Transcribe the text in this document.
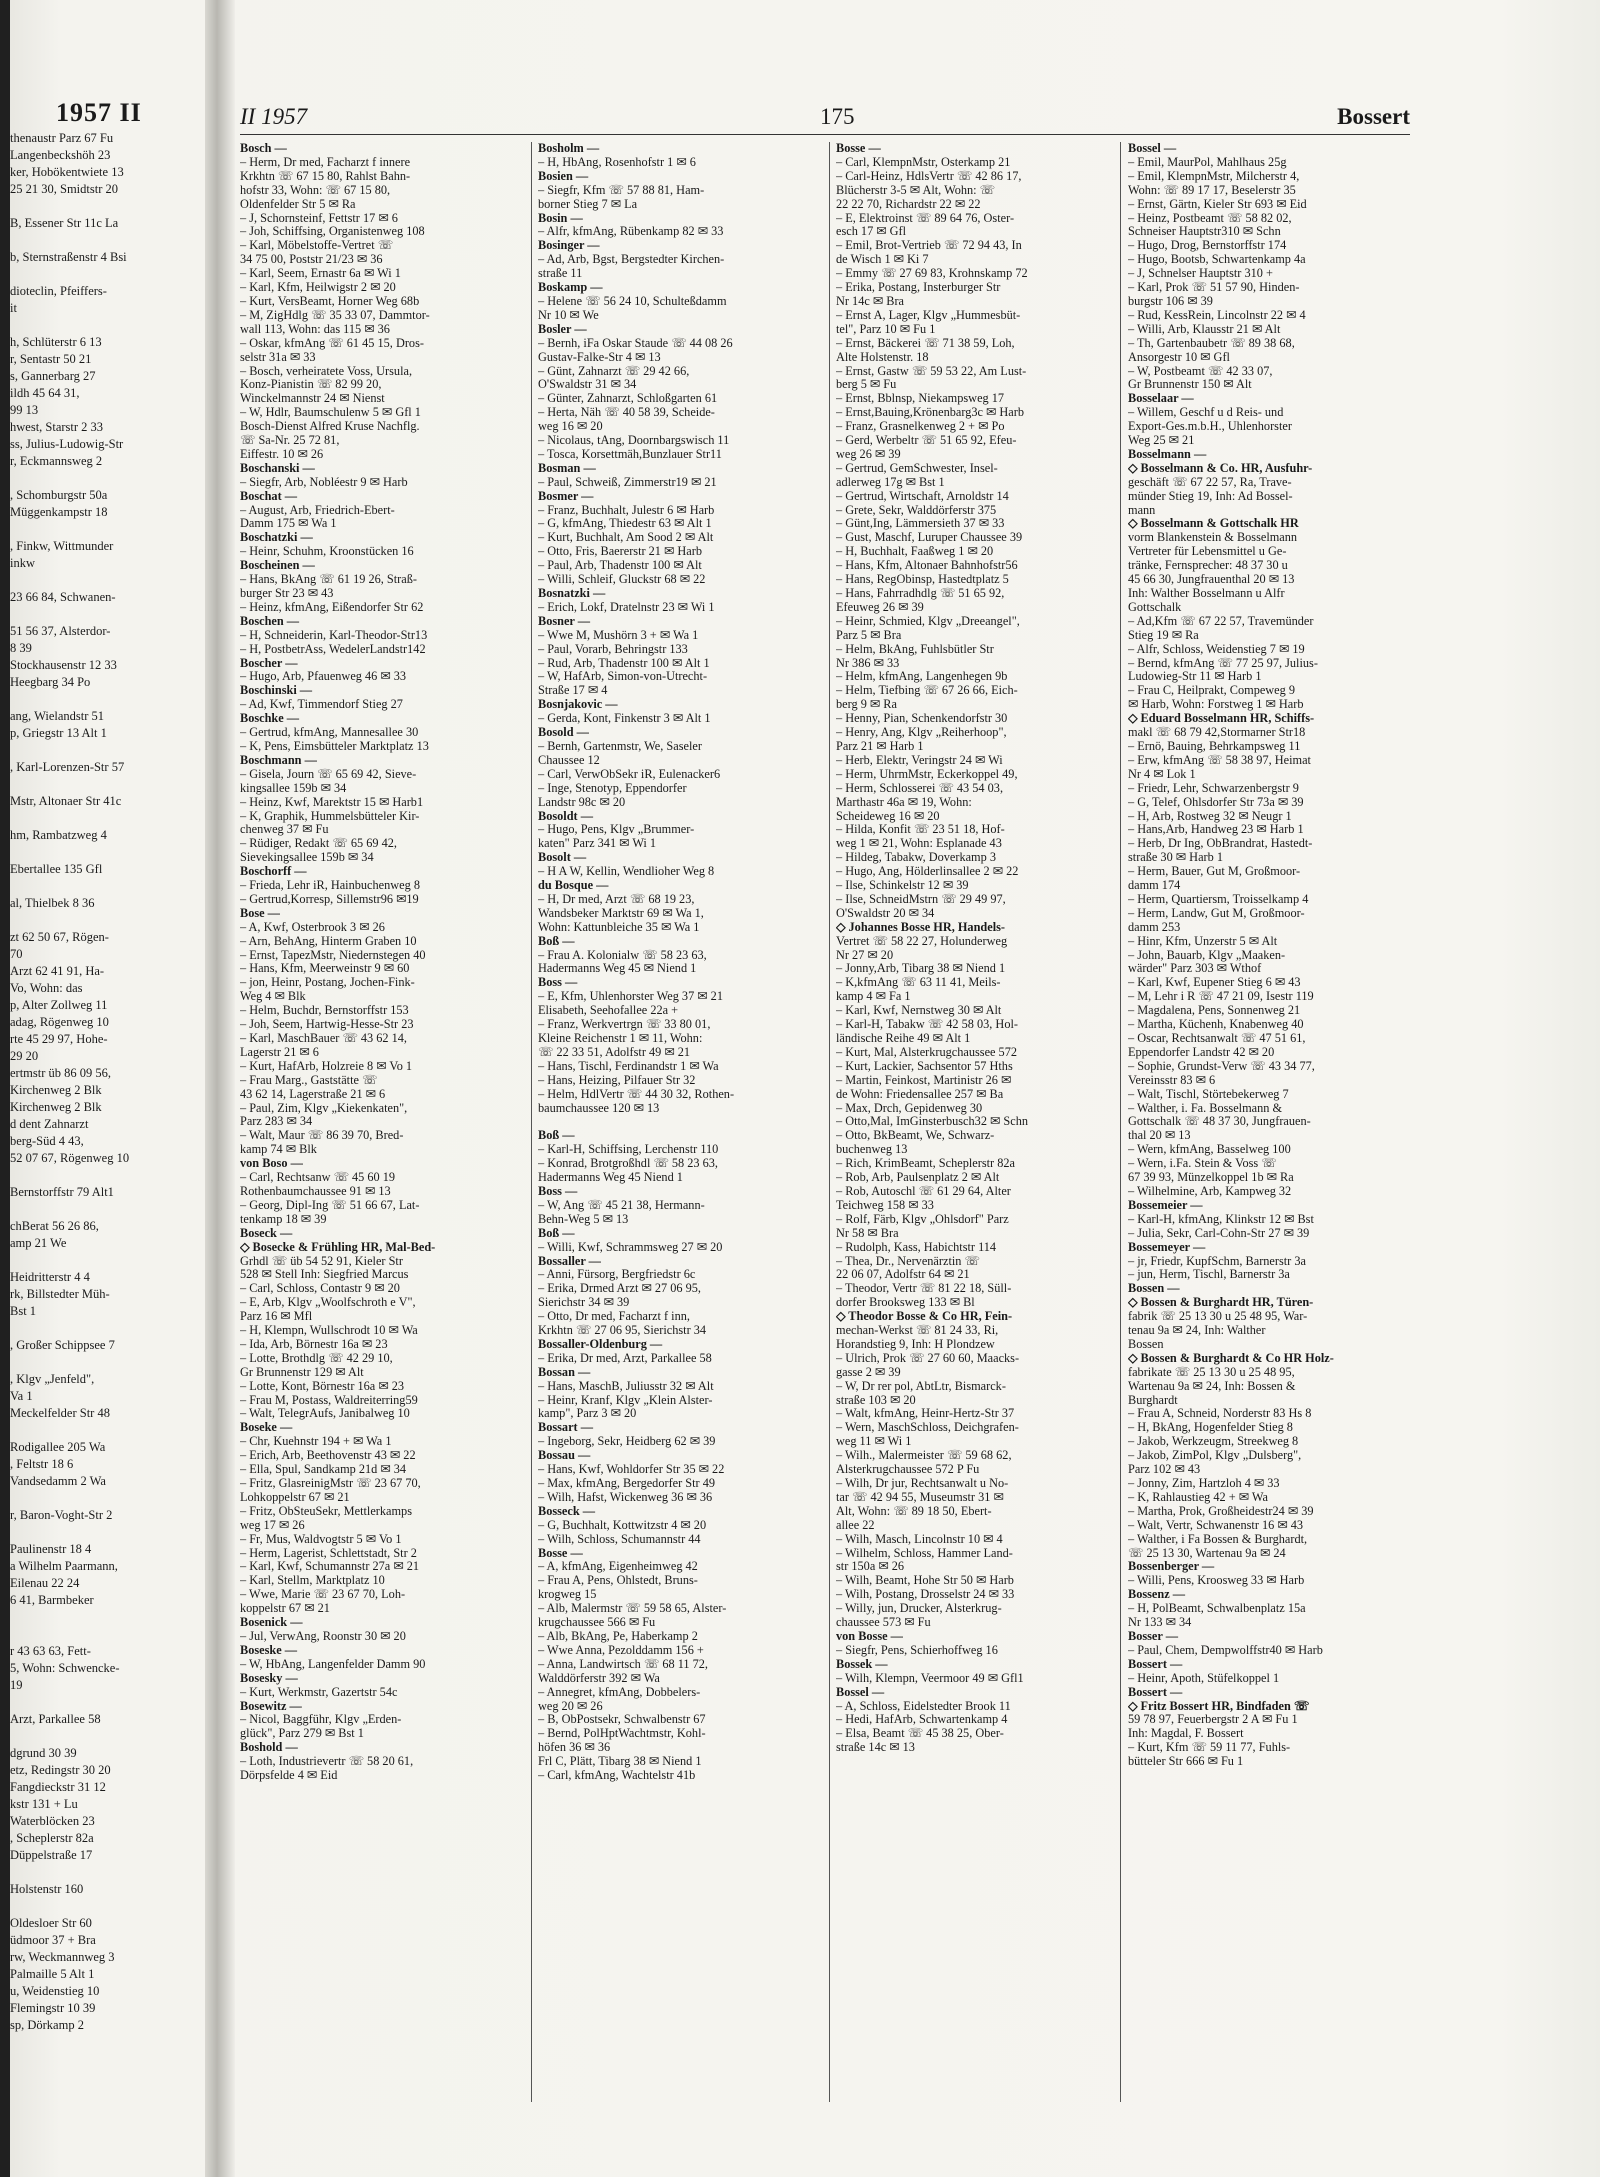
1957 II
thenaustr Parz 67 Fu
Langenbeckshöh 23
ker, Hobökentwiete 13
25 21 30, Smidtstr 20

B, Essener Str 11c La

b, Sternstraßenstr 4 Bsi

dioteclin, Pfeiffers-
it

h, Schlüterstr 6 13
r, Sentastr 50 21
s, Gannerbarg 27
ildh 45 64 31,
99 13
hwest, Starstr 2 33
ss, Julius-Ludowig-Str
r, Eckmannsweg 2

, Schomburgstr 50a
Müggenkampstr 18

, Finkw, Wittmunder
inkw

23 66 84, Schwanen-

51 56 37, Alsterdor-
8 39
Stockhausenstr 12 33
Heegbarg 34 Po

ang, Wielandstr 51
p, Griegstr 13 Alt 1

, Karl-Lorenzen-Str 57

Mstr, Altonaer Str 41c

hm, Rambatzweg 4

Ebertallee 135 Gfl

al, Thielbek 8 36

zt 62 50 67, Rögen-
70
Arzt 62 41 91, Ha-
Vo, Wohn: das
p, Alter Zollweg 11
adag, Rögenweg 10
rte 45 29 97, Hohe-
29 20
ertmstr üb 86 09 56,
Kirchenweg 2 Blk
Kirchenweg 2 Blk
d dent Zahnarzt
berg-Süd 4 43,
52 07 67, Rögenweg 10

Bernstorffstr 79 Alt1

chBerat 56 26 86,
amp 21 We

Heidritterstr 4 4
rk, Billstedter Müh-
Bst 1

, Großer Schippsee 7

, Klgv „Jenfeld",
Va 1
Meckelfelder Str 48

Rodigallee 205 Wa
, Feltstr 18 6
Vandsedamm 2 Wa

r, Baron-Voght-Str 2

Paulinenstr 18 4
a Wilhelm Paarmann,
Eilenau 22 24
6 41, Barmbeker

r 43 63 63, Fett-
5, Wohn: Schwencke-
19

Arzt, Parkallee 58

dgrund 30 39
etz, Redingstr 30 20
Fangdieckstr 31 12
kstr 131 + Lu
Waterblöcken 23
, Scheplerstr 82a
Düppelstraße 17

Holstenstr 160

Oldesloer Str 60
üdmoor 37 + Bra
rw, Weckmannweg 3
Palmaille 5 Alt 1
u, Weidenstieg 10
Flemingstr 10 39
sp, Dörkamp 2
II 1957	175	Bossert
Bosch —
– Herm, Dr med, Facharzt f innere
Krkhtn ☏ 67 15 80, Rahlst Bahn-
hofstr 33, Wohn: ☏ 67 15 80,
Oldenfelder Str 5 ✉ Ra
– J, Schornsteinf, Fettstr 17 ✉ 6
– Joh, Schiffsing, Organistenweg 108
– Karl, Möbelstoffe-Vertret ☏
34 75 00, Poststr 21/23 ✉ 36
– Karl, Seem, Ernastr 6a ✉ Wi 1
– Karl, Kfm, Heilwigstr 2 ✉ 20
– Kurt, VersBeamt, Horner Weg 68b
– M, ZigHdlg ☏ 35 33 07, Dammtor-
wall 113, Wohn: das 115 ✉ 36
– Oskar, kfmAng ☏ 61 45 15, Dros-
selstr 31a ✉ 33
– Bosch, verheiratete Voss, Ursula,
Konz-Pianistin ☏ 82 99 20,
Winckelmannstr 24 ✉ Nienst
– W, Hdlr, Baumschulenw 5 ✉ Gfl 1
Bosch-Dienst Alfred Kruse Nachflg.
☏ Sa-Nr. 25 72 81,
Eiffestr. 10 ✉ 26
Boschanski —
– Siegfr, Arb, Nobléestr 9 ✉ Harb
Boschat —
– August, Arb, Friedrich-Ebert-
Damm 175 ✉ Wa 1
Boschatzki —
– Heinr, Schuhm, Kroonstücken 16
Boscheinen —
– Hans, BkAng ☏ 61 19 26, Straß-
burger Str 23 ✉ 43
– Heinz, kfmAng, Eißendorfer Str 62
Boschen —
– H, Schneiderin, Karl-Theodor-Str13
– H, PostbetrAss, WedelerLandstr142
Boscher —
– Hugo, Arb, Pfauenweg 46 ✉ 33
Boschinski —
– Ad, Kwf, Timmendorf Stieg 27
Boschke —
– Gertrud, kfmAng, Mannesallee 30
– K, Pens, Eimsbütteler Marktplatz 13
Boschmann —
– Gisela, Journ ☏ 65 69 42, Sieve-
kingsallee 159b ✉ 34
– Heinz, Kwf, Marektstr 15 ✉ Harb1
– K, Graphik, Hummelsbütteler Kir-
chenweg 37 ✉ Fu
– Rüdiger, Redakt ☏ 65 69 42,
Sievekingsallee 159b ✉ 34
Boschorff —
– Frieda, Lehr iR, Hainbuchenweg 8
– Gertrud,Korresp, Sillemstr96 ✉19
Bose —
– A, Kwf, Osterbrook 3 ✉ 26
– Arn, BehAng, Hinterm Graben 10
– Ernst, TapezMstr, Niedernstegen 40
– Hans, Kfm, Meerweinstr 9 ✉ 60
– jon, Heinr, Postang, Jochen-Fink-
Weg 4 ✉ Blk
– Helm, Buchdr, Bernstorffstr 153
– Joh, Seem, Hartwig-Hesse-Str 23
– Karl, MaschBauer ☏ 43 62 14,
Lagerstr 21 ✉ 6
– Kurt, HafArb, Holzreie 8 ✉ Vo 1
– Frau Marg., Gaststätte ☏
43 62 14, Lagerstraße 21 ✉ 6
– Paul, Zim, Klgv „Kiekenkaten",
Parz 283 ✉ 34
– Walt, Maur ☏ 86 39 70, Bred-
kamp 74 ✉ Blk
von Boso —
– Carl, Rechtsanw ☏ 45 60 19
Rothenbaumchaussee 91 ✉ 13
– Georg, Dipl-Ing ☏ 51 66 67, Lat-
tenkamp 18 ✉ 39
Boseck —
◇ Bosecke & Frühling HR, Mal-Bed-
Grhdl ☏ üb 54 52 91, Kieler Str
528 ✉ Stell Inh: Siegfried Marcus
– Carl, Schloss, Contastr 9 ✉ 20
– E, Arb, Klgv „Woolfschroth e V",
Parz 16 ✉ Mfl
– H, Klempn, Wullschrodt 10 ✉ Wa
– Ida, Arb, Börnestr 16a ✉ 23
– Lotte, Brothdlg ☏ 42 29 10,
Gr Brunnenstr 129 ✉ Alt
– Lotte, Kont, Börnestr 16a ✉ 23
– Frau M, Postass, Waldreiterring59
– Walt, TelegrAufs, Janibalweg 10
Boseke —
– Chr, Kuehnstr 194 + ✉ Wa 1
– Erich, Arb, Beethovenstr 43 ✉ 22
– Ella, Spul, Sandkamp 21d ✉ 34
– Fritz, GlasreinigMstr ☏ 23 67 70,
Lohkoppelstr 67 ✉ 21
– Fritz, ObSteuSekr, Mettlerkamps
weg 17 ✉ 26
– Fr, Mus, Waldvogtstr 5 ✉ Vo 1
– Herm, Lagerist, Schlettstadt, Str 2
– Karl, Kwf, Schumannstr 27a ✉ 21
– Karl, Stellm, Marktplatz 10
– Wwe, Marie ☏ 23 67 70, Loh-
koppelstr 67 ✉ 21
Bosenick —
– Jul, VerwAng, Roonstr 30 ✉ 20
Boseske —
– W, HbAng, Langenfelder Damm 90
Bosesky —
– Kurt, Werkmstr, Gazertstr 54c
Bosewitz —
– Nicol, Baggführ, Klgv „Erden-
glück", Parz 279 ✉ Bst 1
Boshold —
– Loth, Industrievertr ☏ 58 20 61,
Dörpsfelde 4 ✉ Eid
Bosholm —
– H, HbAng, Rosenhofstr 1 ✉ 6
Bosien —
– Siegfr, Kfm ☏ 57 88 81, Ham-
borner Stieg 7 ✉ La
Bosin —
– Alfr, kfmAng, Rübenkamp 82 ✉ 33
Bosinger —
– Ad, Arb, Bgst, Bergstedter Kirchen-
straße 11
Boskamp —
– Helene ☏ 56 24 10, Schulteßdamm
Nr 10 ✉ We
Bosler —
– Bernh, iFa Oskar Staude ☏ 44 08 26
Gustav-Falke-Str 4 ✉ 13
– Günt, Zahnarzt ☏ 29 42 66,
O'Swaldstr 31 ✉ 34
– Günter, Zahnarzt, Schloßgarten 61
– Herta, Näh ☏ 40 58 39, Scheide-
weg 16 ✉ 20
– Nicolaus, tAng, Doornbargswisch 11
– Tosca, Korsettmäh,Bunzlauer Str11
Bosman —
– Paul, Schweiß, Zimmerstr19 ✉ 21
Bosmer —
– Franz, Buchhalt, Julestr 6 ✉ Harb
– G, kfmAng, Thiedestr 63 ✉ Alt 1
– Kurt, Buchhalt, Am Sood 2 ✉ Alt
– Otto, Fris, Baererstr 21 ✉ Harb
– Paul, Arb, Thadenstr 100 ✉ Alt
– Willi, Schleif, Gluckstr 68 ✉ 22
Bosnatzki —
– Erich, Lokf, Dratelnstr 23 ✉ Wi 1
Bosner —
– Wwe M, Mushörn 3 + ✉ Wa 1
– Paul, Vorarb, Behringstr 133
– Rud, Arb, Thadenstr 100 ✉ Alt 1
– W, HafArb, Simon-von-Utrecht-
Straße 17 ✉ 4
Bosnjakovic —
– Gerda, Kont, Finkenstr 3 ✉ Alt 1
Bosold —
– Bernh, Gartenmstr, We, Saseler
Chaussee 12
– Carl, VerwObSekr iR, Eulenacker6
– Inge, Stenotyp, Eppendorfer
Landstr 98c ✉ 20
Bosoldt —
– Hugo, Pens, Klgv „Brummer-
katen" Parz 341 ✉ Wi 1
Bosolt —
– H A W, Kellin, Wendlioher Weg 8
du Bosque —
– H, Dr med, Arzt ☏ 68 19 23,
Wandsbeker Marktstr 69 ✉ Wa 1,
Wohn: Kattunbleiche 35 ✉ Wa 1
Boß —
– Frau A. Kolonialw ☏ 58 23 63,
Hadermanns Weg 45 ✉ Niend 1
Boss —
– E, Kfm, Uhlenhorster Weg 37 ✉ 21
Elisabeth, Seehofallee 22a +
– Franz, Werkvertrgn ☏ 33 80 01,
Kleine Reichenstr 1 ✉ 11, Wohn:
☏ 22 33 51, Adolfstr 49 ✉ 21
– Hans, Tischl, Ferdinandstr 1 ✉ Wa
– Hans, Heizing, Pilfauer Str 32
– Helm, HdlVertr ☏ 44 30 32, Rothen-
baumchaussee 120 ✉ 13

Boß —
– Karl-H, Schiffsing, Lerchenstr 110
– Konrad, Brotgroßhdl ☏ 58 23 63,
Hadermanns Weg 45 Niend 1
Boss —
– W, Ang ☏ 45 21 38, Hermann-
Behn-Weg 5 ✉ 13
Boß —
– Willi, Kwf, Schrammsweg 27 ✉ 20
Bossaller —
– Anni, Fürsorg, Bergfriedstr 6c
– Erika, Drmed Arzt ✉ 27 06 95,
Sierichstr 34 ✉ 39
– Otto, Dr med, Facharzt f inn,
Krkhtn ☏ 27 06 95, Sierichstr 34
Bossaller-Oldenburg —
– Erika, Dr med, Arzt, Parkallee 58
Bossan —
– Hans, MaschB, Juliusstr 32 ✉ Alt
– Heinr, Kranf, Klgv „Klein Alster-
kamp", Parz 3 ✉ 20
Bossart —
– Ingeborg, Sekr, Heidberg 62 ✉ 39
Bossau —
– Hans, Kwf, Wohldorfer Str 35 ✉ 22
– Max, kfmAng, Bergedorfer Str 49
– Wilh, Hafst, Wickenweg 36 ✉ 36
Bosseck —
– G, Buchhalt, Kottwitzstr 4 ✉ 20
– Wilh, Schloss, Schumannstr 44
Bosse —
– A, kfmAng, Eigenheimweg 42
– Frau A, Pens, Ohlstedt, Bruns-
krogweg 15
– Alb, Malermstr ☏ 59 58 65, Alster-
krugchaussee 566 ✉ Fu
– Alb, BkAng, Pe, Haberkamp 2
– Wwe Anna, Pezolddamm 156 +
– Anna, Landwirtsch ☏ 68 11 72,
Walddörferstr 392 ✉ Wa
– Annegret, kfmAng, Dobbelers-
weg 20 ✉ 26
– B, ObPostsekr, Schwalbenstr 67
– Bernd, PolHptWachtmstr, Kohl-
höfen 36 ✉ 36
Frl C, Plätt, Tibarg 38 ✉ Niend 1
– Carl, kfmAng, Wachtelstr 41b
Bosse —
– Carl, KlempnMstr, Osterkamp 21
– Carl-Heinz, HdlsVertr ☏ 42 86 17,
Blücherstr 3-5 ✉ Alt, Wohn: ☏
22 22 70, Richardstr 22 ✉ 22
– E, Elektroinst ☏ 89 64 76, Oster-
esch 17 ✉ Gfl
– Emil, Brot-Vertrieb ☏ 72 94 43, In
de Wisch 1 ✉ Ki 7
– Emmy ☏ 27 69 83, Krohnskamp 72
– Erika, Postang, Insterburger Str
Nr 14c ✉ Bra
– Ernst A, Lager, Klgv „Hummesbüt-
tel", Parz 10 ✉ Fu 1
– Ernst, Bäckerei ☏ 71 38 59, Loh,
Alte Holstenstr. 18
– Ernst, Gastw ☏ 59 53 22, Am Lust-
berg 5 ✉ Fu
– Ernst, Bblnsp, Niekampsweg 17
– Ernst,Bauing,Krönenbarg3c ✉ Harb
– Franz, Grasnelkenweg 2 + ✉ Po
– Gerd, Werbeltr ☏ 51 65 92, Efeu-
weg 26 ✉ 39
– Gertrud, GemSchwester, Insel-
adlerweg 17g ✉ Bst 1
– Gertrud, Wirtschaft, Arnoldstr 14
– Grete, Sekr, Walddörferstr 375
– Günt,Ing, Lämmersieth 37 ✉ 33
– Gust, Maschf, Luruper Chaussee 39
– H, Buchhalt, Faaßweg 1 ✉ 20
– Hans, Kfm, Altonaer Bahnhofstr56
– Hans, RegObinsp, Hastedtplatz 5
– Hans, Fahrradhdlg ☏ 51 65 92,
Efeuweg 26 ✉ 39
– Heinr, Schmied, Klgv „Dreeangel",
Parz 5 ✉ Bra
– Helm, BkAng, Fuhlsbütler Str
Nr 386 ✉ 33
– Helm, kfmAng, Langenhegen 9b
– Helm, Tiefbing ☏ 67 26 66, Eich-
berg 9 ✉ Ra
– Henny, Pian, Schenkendorfstr 30
– Henry, Ang, Klgv „Reiherhoop",
Parz 21 ✉ Harb 1
– Herb, Elektr, Veringstr 24 ✉ Wi
– Herm, UhrmMstr, Eckerkoppel 49,
– Herm, Schlosserei ☏ 43 54 03,
Marthastr 46a ✉ 19, Wohn:
Scheideweg 16 ✉ 20
– Hilda, Konfit ☏ 23 51 18, Hof-
weg 1 ✉ 21, Wohn: Esplanade 43
– Hildeg, Tabakw, Doverkamp 3
– Hugo, Ang, Hölderlinsallee 2 ✉ 22
– Ilse, Schinkelstr 12 ✉ 39
– Ilse, SchneidMstrn ☏ 29 49 97,
O'Swaldstr 20 ✉ 34
◇ Johannes Bosse HR, Handels-
Vertret ☏ 58 22 27, Holunderweg
Nr 27 ✉ 20
– Jonny,Arb, Tibarg 38 ✉ Niend 1
– K,kfmAng ☏ 63 11 41, Meils-
kamp 4 ✉ Fa 1
– Karl, Kwf, Nernstweg 30 ✉ Alt
– Karl-H, Tabakw ☏ 42 58 03, Hol-
ländische Reihe 49 ✉ Alt 1
– Kurt, Mal, Alsterkrugchaussee 572
– Kurt, Lackier, Sachsentor 57 Hths
– Martin, Feinkost, Martinistr 26 ✉
de Wohn: Friedensallee 257 ✉ Ba
– Max, Drch, Gepidenweg 30
– Otto,Mal, ImGinsterbusch32 ✉ Schn
– Otto, BkBeamt, We, Schwarz-
buchenweg 13
– Rich, KrimBeamt, Scheplerstr 82a
– Rob, Arb, Paulsenplatz 2 ✉ Alt
– Rob, Autoschl ☏ 61 29 64, Alter
Teichweg 158 ✉ 33
– Rolf, Färb, Klgv „Ohlsdorf" Parz
Nr 58 ✉ Bra
– Rudolph, Kass, Habichtstr 114
– Thea, Dr., Nervenärztin ☏
22 06 07, Adolfstr 64 ✉ 21
– Theodor, Vertr ☏ 81 22 18, Süll-
dorfer Brooksweg 133 ✉ Bl
◇ Theodor Bosse & Co HR, Fein-
mechan-Werkst ☏ 81 24 33, Ri,
Horandstieg 9, Inh: H Plondzew
– Ulrich, Prok ☏ 27 60 60, Maacks-
gasse 2 ✉ 39
– W, Dr rer pol, AbtLtr, Bismarck-
straße 103 ✉ 20
– Walt, kfmAng, Heinr-Hertz-Str 37
– Wern, MaschSchloss, Deichgrafen-
weg 11 ✉ Wi 1
– Wilh., Malermeister ☏ 59 68 62,
Alsterkrugchaussee 572 P Fu
– Wilh, Dr jur, Rechtsanwalt u No-
tar ☏ 42 94 55, Museumstr 31 ✉
Alt, Wohn: ☏ 89 18 50, Ebert-
allee 22
– Wilh, Masch, Lincolnstr 10 ✉ 4
– Wilhelm, Schloss, Hammer Land-
str 150a ✉ 26
– Wilh, Beamt, Hohe Str 50 ✉ Harb
– Wilh, Postang, Drosselstr 24 ✉ 33
– Willy, jun, Drucker, Alsterkrug-
chaussee 573 ✉ Fu
von Bosse —
– Siegfr, Pens, Schierhoffweg 16
Bossek —
– Wilh, Klempn, Veermoor 49 ✉ Gfl1
Bossel —
– A, Schloss, Eidelstedter Brook 11
– Hedi, HafArb, Schwartenkamp 4
– Elsa, Beamt ☏ 45 38 25, Ober-
straße 14c ✉ 13
Bossel —
– Emil, MaurPol, Mahlhaus 25g
– Emil, KlempnMstr, Milcherstr 4,
Wohn: ☏ 89 17 17, Beselerstr 35
– Ernst, Gärtn, Kieler Str 693 ✉ Eid
– Heinz, Postbeamt ☏ 58 82 02,
Schneiser Hauptstr310 ✉ Schn
– Hugo, Drog, Bernstorffstr 174
– Hugo, Bootsb, Schwartenkamp 4a
– J, Schnelser Hauptstr 310 +
– Karl, Prok ☏ 51 57 90, Hinden-
burgstr 106 ✉ 39
– Rud, KessRein, Lincolnstr 22 ✉ 4
– Willi, Arb, Klausstr 21 ✉ Alt
– Th, Gartenbaubetr ☏ 89 38 68,
Ansorgestr 10 ✉ Gfl
– W, Postbeamt ☏ 42 33 07,
Gr Brunnenstr 150 ✉ Alt
Bosselaar —
– Willem, Geschf u d Reis- und
Export-Ges.m.b.H., Uhlenhorster
Weg 25 ✉ 21
Bosselmann —
◇ Bosselmann & Co. HR, Ausfuhr-
geschäft ☏ 67 22 57, Ra, Trave-
münder Stieg 19, Inh: Ad Bossel-
mann
◇ Bosselmann & Gottschalk HR
vorm Blankenstein & Bosselmann
Vertreter für Lebensmittel u Ge-
tränke, Fernsprecher: 48 37 30 u
45 66 30, Jungfrauenthal 20 ✉ 13
Inh: Walther Bosselmann u Alfr
Gottschalk
– Ad,Kfm ☏ 67 22 57, Travemünder
Stieg 19 ✉ Ra
– Alfr, Schloss, Weidenstieg 7 ✉ 19
– Bernd, kfmAng ☏ 77 25 97, Julius-
Ludowieg-Str 11 ✉ Harb 1
– Frau C, Heilprakt, Compeweg 9
✉ Harb, Wohn: Forstweg 1 ✉ Harb
◇ Eduard Bosselmann HR, Schiffs-
makl ☏ 68 79 42,Stormarner Str18
– Ernö, Bauing, Behrkampsweg 11
– Erw, kfmAng ☏ 58 38 97, Heimat
Nr 4 ✉ Lok 1
– Friedr, Lehr, Schwarzenbergstr 9
– G, Telef, Ohlsdorfer Str 73a ✉ 39
– H, Arb, Rostweg 32 ✉ Neugr 1
– Hans,Arb, Handweg 23 ✉ Harb 1
– Herb, Dr Ing, ObBrandrat, Hastedt-
straße 30 ✉ Harb 1
– Herm, Bauer, Gut M, Großmoor-
damm 174
– Herm, Quartiersm, Troisselkamp 4
– Herm, Landw, Gut M, Großmoor-
damm 253
– Hinr, Kfm, Unzerstr 5 ✉ Alt
– John, Bauarb, Klgv „Maaken-
wärder" Parz 303 ✉ Wthof
– Karl, Kwf, Eupener Stieg 6 ✉ 43
– M, Lehr i R ☏ 47 21 09, Isestr 119
– Magdalena, Pens, Sonnenweg 21
– Martha, Küchenh, Knabenweg 40
– Oscar, Rechtsanwalt ☏ 47 51 61,
Eppendorfer Landstr 42 ✉ 20
– Sophie, Grundst-Verw ☏ 43 34 77,
Vereinsstr 83 ✉ 6
– Walt, Tischl, Störtebekerweg 7
– Walther, i. Fa. Bosselmann &
Gottschalk ☏ 48 37 30, Jungfrauen-
thal 20 ✉ 13
– Wern, kfmAng, Basselweg 100
– Wern, i.Fa. Stein & Voss ☏
67 39 93, Münzelkoppel 1b ✉ Ra
– Wilhelmine, Arb, Kampweg 32
Bossemeier —
– Karl-H, kfmAng, Klinkstr 12 ✉ Bst
– Julia, Sekr, Carl-Cohn-Str 27 ✉ 39
Bossemeyer —
– jr, Friedr, KupfSchm, Barnerstr 3a
– jun, Herm, Tischl, Barnerstr 3a
Bossen —
◇ Bossen & Burghardt HR, Türen-
fabrik ☏ 25 13 30 u 25 48 95, War-
tenau 9a ✉ 24, Inh: Walther
Bossen
◇ Bossen & Burghardt & Co HR Holz-
fabrikate ☏ 25 13 30 u 25 48 95,
Wartenau 9a ✉ 24, Inh: Bossen &
Burghardt
– Frau A, Schneid, Norderstr 83 Hs 8
– H, BkAng, Hogenfelder Stieg 8
– Jakob, Werkzeugm, Streekweg 8
– Jakob, ZimPol, Klgv „Dulsberg",
Parz 102 ✉ 43
– Jonny, Zim, Hartzloh 4 ✉ 33
– K, Rahlaustieg 42 + ✉ Wa
– Martha, Prok, Großheidestr24 ✉ 39
– Walt, Vertr, Schwanenstr 16 ✉ 43
– Walther, i Fa Bossen & Burghardt,
☏ 25 13 30, Wartenau 9a ✉ 24
Bossenberger —
– Willi, Pens, Kroosweg 33 ✉ Harb
Bossenz —
– H, PolBeamt, Schwalbenplatz 15a
Nr 133 ✉ 34
Bosser —
– Paul, Chem, Dempwolffstr40 ✉ Harb
Bossert —
– Heinr, Apoth, Stüfelkoppel 1
Bossert —
◇ Fritz Bossert HR, Bindfaden ☏
59 78 97, Feuerbergstr 2 A ✉ Fu 1
Inh: Magdal, F. Bossert
– Kurt, Kfm ☏ 59 11 77, Fuhls-
bütteler Str 666 ✉ Fu 1
